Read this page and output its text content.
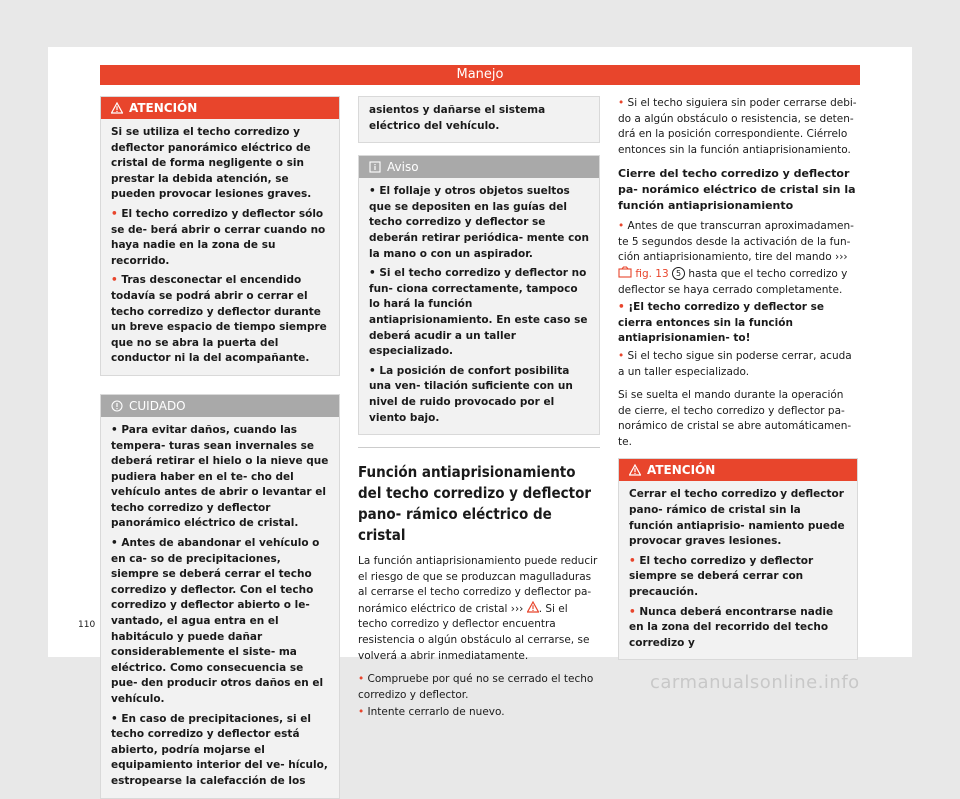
Manejo
ATENCIÓN

Si se utiliza el techo corredizo y deflector panorámico eléctrico de cristal de forma negligente o sin prestar la debida atención, se pueden provocar lesiones graves.

• El techo corredizo y deflector sólo se de- berá abrir o cerrar cuando no haya nadie en la zona de su recorrido.

• Tras desconectar el encendido todavía se podrá abrir o cerrar el techo corredizo y deflector durante un breve espacio de tiempo siempre que no se abra la puerta del conductor ni la del acompañante.

CUIDADO

• Para evitar daños, cuando las tempera- turas sean invernales se deberá retirar el hielo o la nieve que pudiera haber en el te- cho del vehículo antes de abrir o levantar el techo corredizo y deflector panorámico eléctrico de cristal.

• Antes de abandonar el vehículo o en ca- so de precipitaciones, siempre se deberá cerrar el techo corredizo y deflector. Con el techo corredizo y deflector abierto o le- vantado, el agua entra en el habitáculo y puede dañar considerablemente el siste- ma eléctrico. Como consecuencia se pue- den producir otros daños en el vehículo.

• En caso de precipitaciones, si el techo corredizo y deflector está abierto, podría mojarse el equipamiento interior del ve- hículo, estropearse la calefacción de los

asientos y dañarse el sistema eléctrico del vehículo.

Aviso

• El follaje y otros objetos sueltos que se depositen en las guías del techo corredizo y deflector se deberán retirar periódica- mente con la mano o con un aspirador.

• Si el techo corredizo y deflector no fun- ciona correctamente, tampoco lo hará la función antiaprisionamiento. En este caso se deberá acudir a un taller especializado.

• La posición de confort posibilita una ven- tilación suficiente con un nivel de ruido provocado por el viento bajo.

Función antiaprisionamiento del techo corredizo y deflector pano- rámico eléctrico de cristal

La función antiaprisionamiento puede reducir el riesgo de que se produzcan magulladuras al cerrarse el techo corredizo y deflector pa- norámico eléctrico de cristal ››› . Si el techo corredizo y deflector encuentra resistencia o algún obstáculo al cerrarse, se volverá a abrir inmediatamente.

• Compruebe por qué no se cerrado el techo corredizo y deflector.

• Intente cerrarlo de nuevo.

• Si el techo siguiera sin poder cerrarse debi- do a algún obstáculo o resistencia, se deten- drá en la posición correspondiente. Ciérrelo entonces sin la función antiaprisionamiento.

Cierre del techo corredizo y deflector pa- norámico eléctrico de cristal sin la función antiaprisionamiento

• Antes de que transcurran aproximadamen- te 5 segundos desde la activación de la fun- ción antiaprisionamiento, tire del mando ›››  fig. 13 5 hasta que el techo corredizo y deflector se haya cerrado completamente.

• ¡El techo corredizo y deflector se cierra entonces sin la función antiaprisionamien- to!

• Si el techo sigue sin poderse cerrar, acuda a un taller especializado.

Si se suelta el mando durante la operación de cierre, el techo corredizo y deflector pa- norámico de cristal se abre automáticamen- te.

ATENCIÓN

Cerrar el techo corredizo y deflector pano- rámico de cristal sin la función antiaprisio- namiento puede provocar graves lesiones.

• El techo corredizo y deflector siempre se deberá cerrar con precaución.

• Nunca deberá encontrarse nadie en la zona del recorrido del techo corredizo y

110
carmanualsonline.info
